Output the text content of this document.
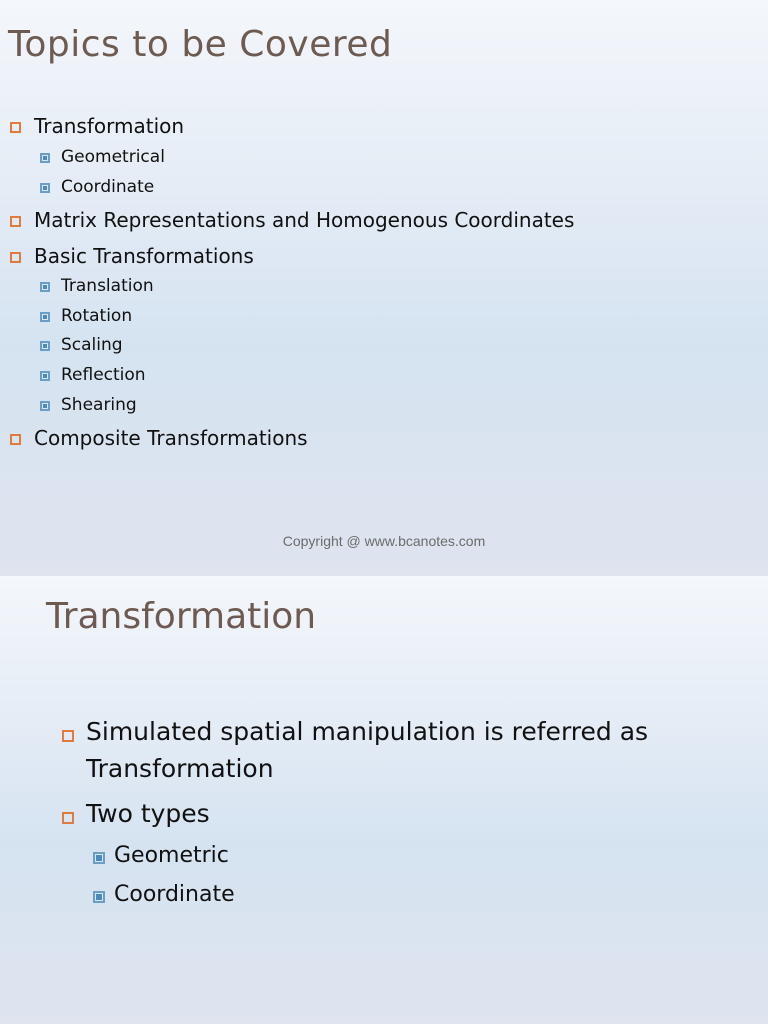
Topics to be Covered
Transformation
Geometrical
Coordinate
Matrix Representations and Homogenous Coordinates
Basic Transformations
Translation
Rotation
Scaling
Reflection
Shearing
Composite Transformations
Copyright @ www.bcanotes.com
Transformation
Simulated spatial manipulation is referred as
Transformation
Two types
Geometric
Coordinate
